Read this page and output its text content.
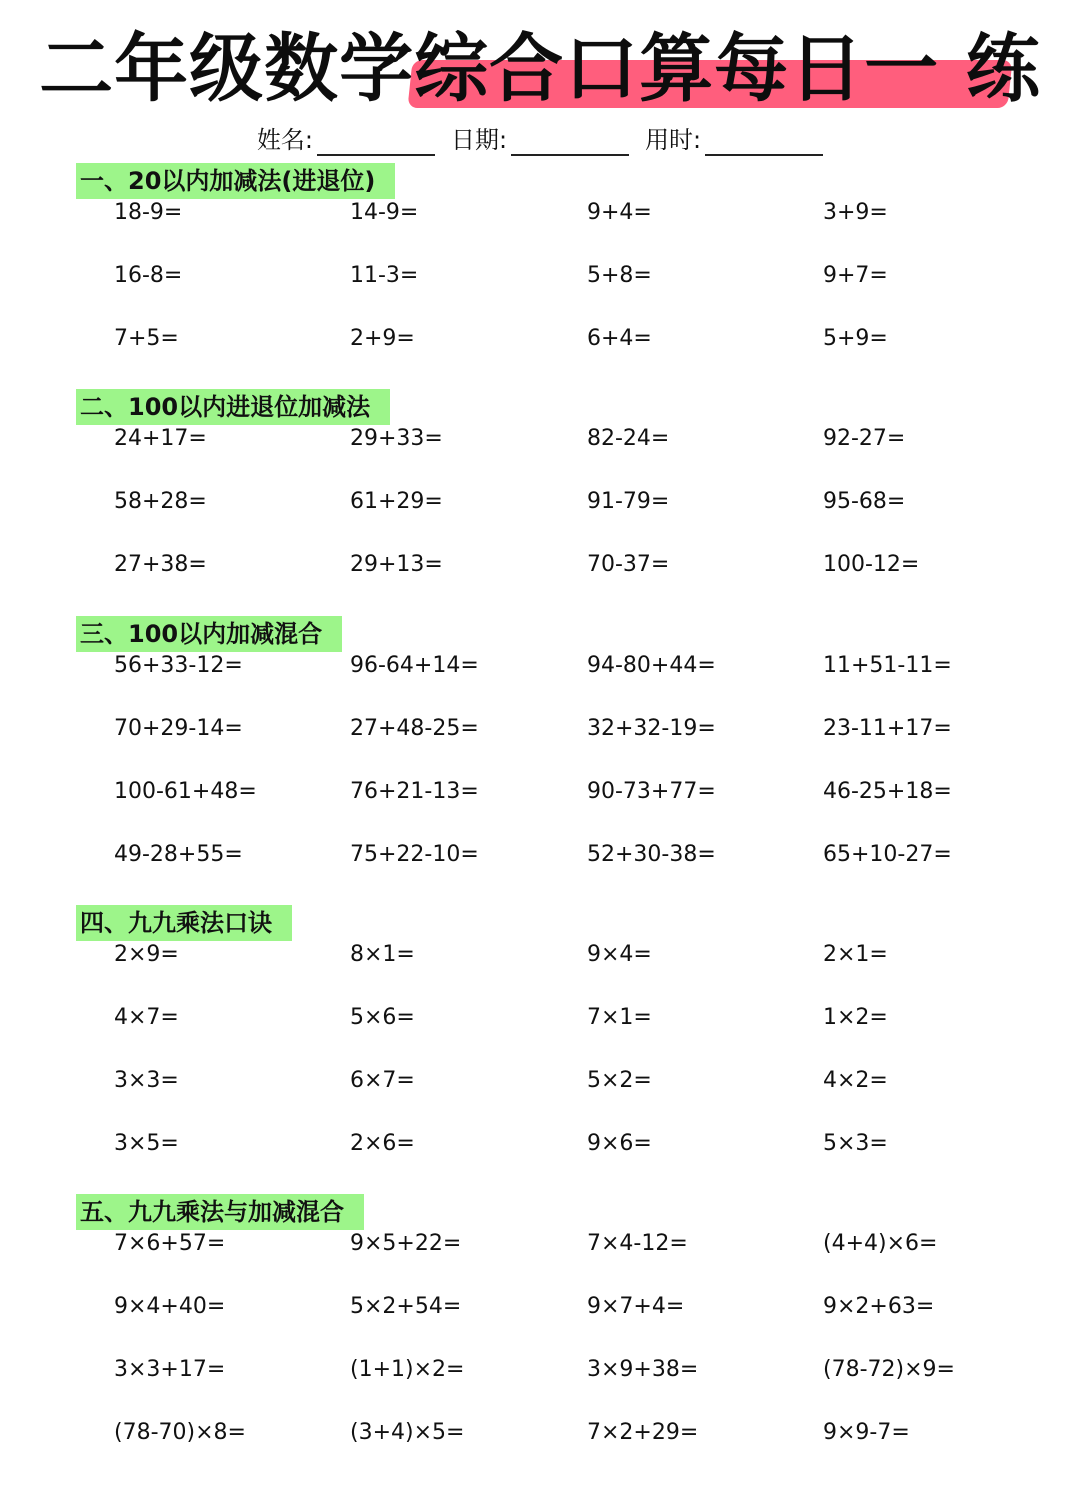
二年级数学综合口算每日一 练
姓名:	日期:	用时:
一、20以内加减法(进退位)
18-9=	14-9=	9+4=	3+9=
16-8=	11-3=	5+8=	9+7=
7+5=	2+9=	6+4=	5+9=
二、100以内进退位加减法
24+17=	29+33=	82-24=	92-27=
58+28=	61+29=	91-79=	95-68=
27+38=	29+13=	70-37=	100-12=
三、100以内加减混合
56+33-12=	96-64+14=	94-80+44=	11+51-11=
70+29-14=	27+48-25=	32+32-19=	23-11+17=
100-61+48=	76+21-13=	90-73+77=	46-25+18=
49-28+55=	75+22-10=	52+30-38=	65+10-27=
四、九九乘法口诀
2×9=	8×1=	9×4=	2×1=
4×7=	5×6=	7×1=	1×2=
3×3=	6×7=	5×2=	4×2=
3×5=	2×6=	9×6=	5×3=
五、九九乘法与加减混合
7×6+57=	9×5+22=	7×4-12=	(4+4)×6=
9×4+40=	5×2+54=	9×7+4=	9×2+63=
3×3+17=	(1+1)×2=	3×9+38=	(78-72)×9=
(78-70)×8=	(3+4)×5=	7×2+29=	9×9-7=
